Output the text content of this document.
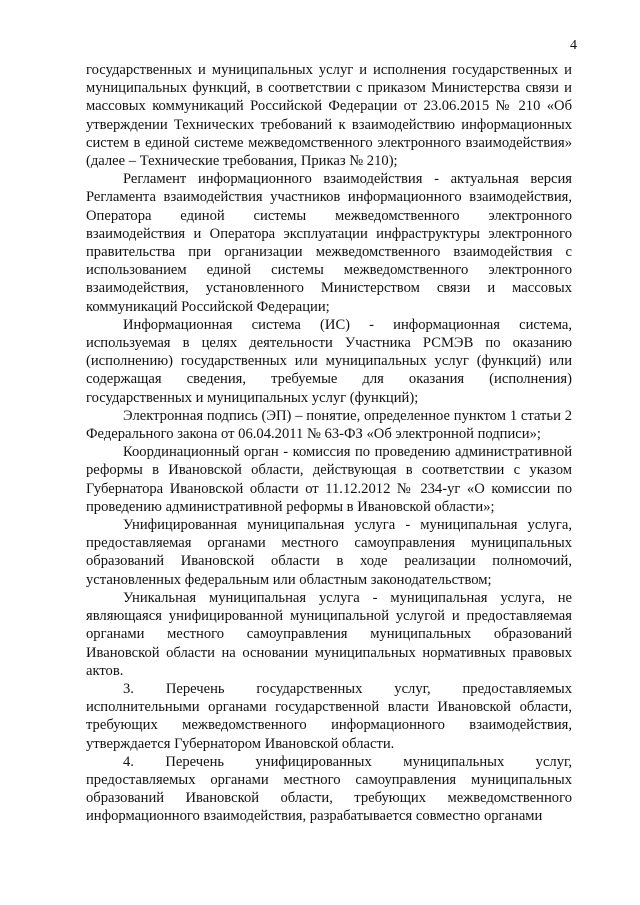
4

государственных и муниципальных услуг и исполнения государственных и муниципальных функций, в соответствии с приказом Министерства связи и массовых коммуникаций Российской Федерации от 23.06.2015 № 210 «Об утверждении Технических требований к взаимодействию информационных систем в единой системе межведомственного электронного взаимодействия» (далее – Технические требования, Приказ № 210);

Регламент информационного взаимодействия - актуальная версия Регламента взаимодействия участников информационного взаимодействия, Оператора единой системы межведомственного электронного взаимодействия и Оператора эксплуатации инфраструктуры электронного правительства при организации межведомственного взаимодействия с использованием единой системы межведомственного электронного взаимодействия, установленного Министерством связи и массовых коммуникаций Российской Федерации;

Информационная система (ИС) - информационная система, используемая в целях деятельности Участника РСМЭВ по оказанию (исполнению) государственных или муниципальных услуг (функций) или содержащая сведения, требуемые для оказания (исполнения) государственных и муниципальных услуг (функций);

Электронная подпись (ЭП) – понятие, определенное пунктом 1 статьи 2 Федерального закона от 06.04.2011 № 63-ФЗ «Об электронной подписи»;

Координационный орган - комиссия по проведению административной реформы в Ивановской области, действующая в соответствии с указом Губернатора Ивановской области от 11.12.2012 № 234-уг «О комиссии по проведению административной реформы в Ивановской области»;

Унифицированная муниципальная услуга - муниципальная услуга, предоставляемая органами местного самоуправления муниципальных образований Ивановской области в ходе реализации полномочий, установленных федеральным или областным законодательством;

Уникальная муниципальная услуга - муниципальная услуга, не являющаяся унифицированной муниципальной услугой и предоставляемая органами местного самоуправления муниципальных образований Ивановской области на основании муниципальных нормативных правовых актов.

3. Перечень государственных услуг, предоставляемых исполнительными органами государственной власти Ивановской области, требующих межведомственного информационного взаимодействия, утверждается Губернатором Ивановской области.

4. Перечень унифицированных муниципальных услуг, предоставляемых органами местного самоуправления муниципальных образований Ивановской области, требующих межведомственного информационного взаимодействия, разрабатывается совместно органами
